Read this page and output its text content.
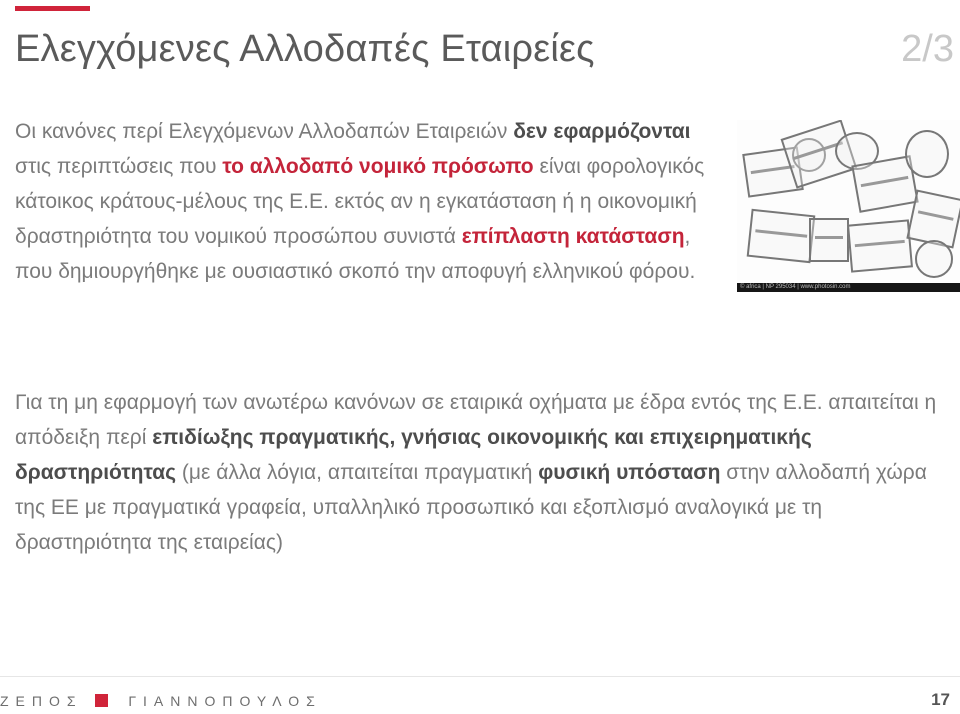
Ελεγχόμενες Αλλοδαπές Εταιρείες	2/3
Οι κανόνες περί Ελεγχόμενων Αλλοδαπών Εταιρειών δεν εφαρμόζονται στις περιπτώσεις που το αλλοδαπό νομικό πρόσωπο είναι φορολογικός κάτοικος κράτους-μέλους της Ε.Ε. εκτός αν η εγκατάσταση ή η οικονομική δραστηριότητα του νομικού προσώπου συνιστά επίπλαστη κατάσταση, που δημιουργήθηκε με ουσιαστικό σκοπό την αποφυγή ελληνικού φόρου.
© africa | ΝΡ 295034 | www.photosin.com
Για τη μη εφαρμογή των ανωτέρω κανόνων σε εταιρικά οχήματα με έδρα εντός της Ε.Ε. απαιτείται η απόδειξη περί επιδίωξης πραγματικής, γνήσιας οικονομικής και επιχειρηματικής δραστηριότητας (με άλλα λόγια, απαιτείται πραγματική φυσική υπόσταση στην αλλοδαπή χώρα της ΕΕ με πραγματικά γραφεία, υπαλληλικό προσωπικό και εξοπλισμό αναλογικά με τη δραστηριότητα της εταιρείας)
ΖΕΠΟΣ	ΓΙΑΝΝΟΠΟΥΛΟΣ	17
